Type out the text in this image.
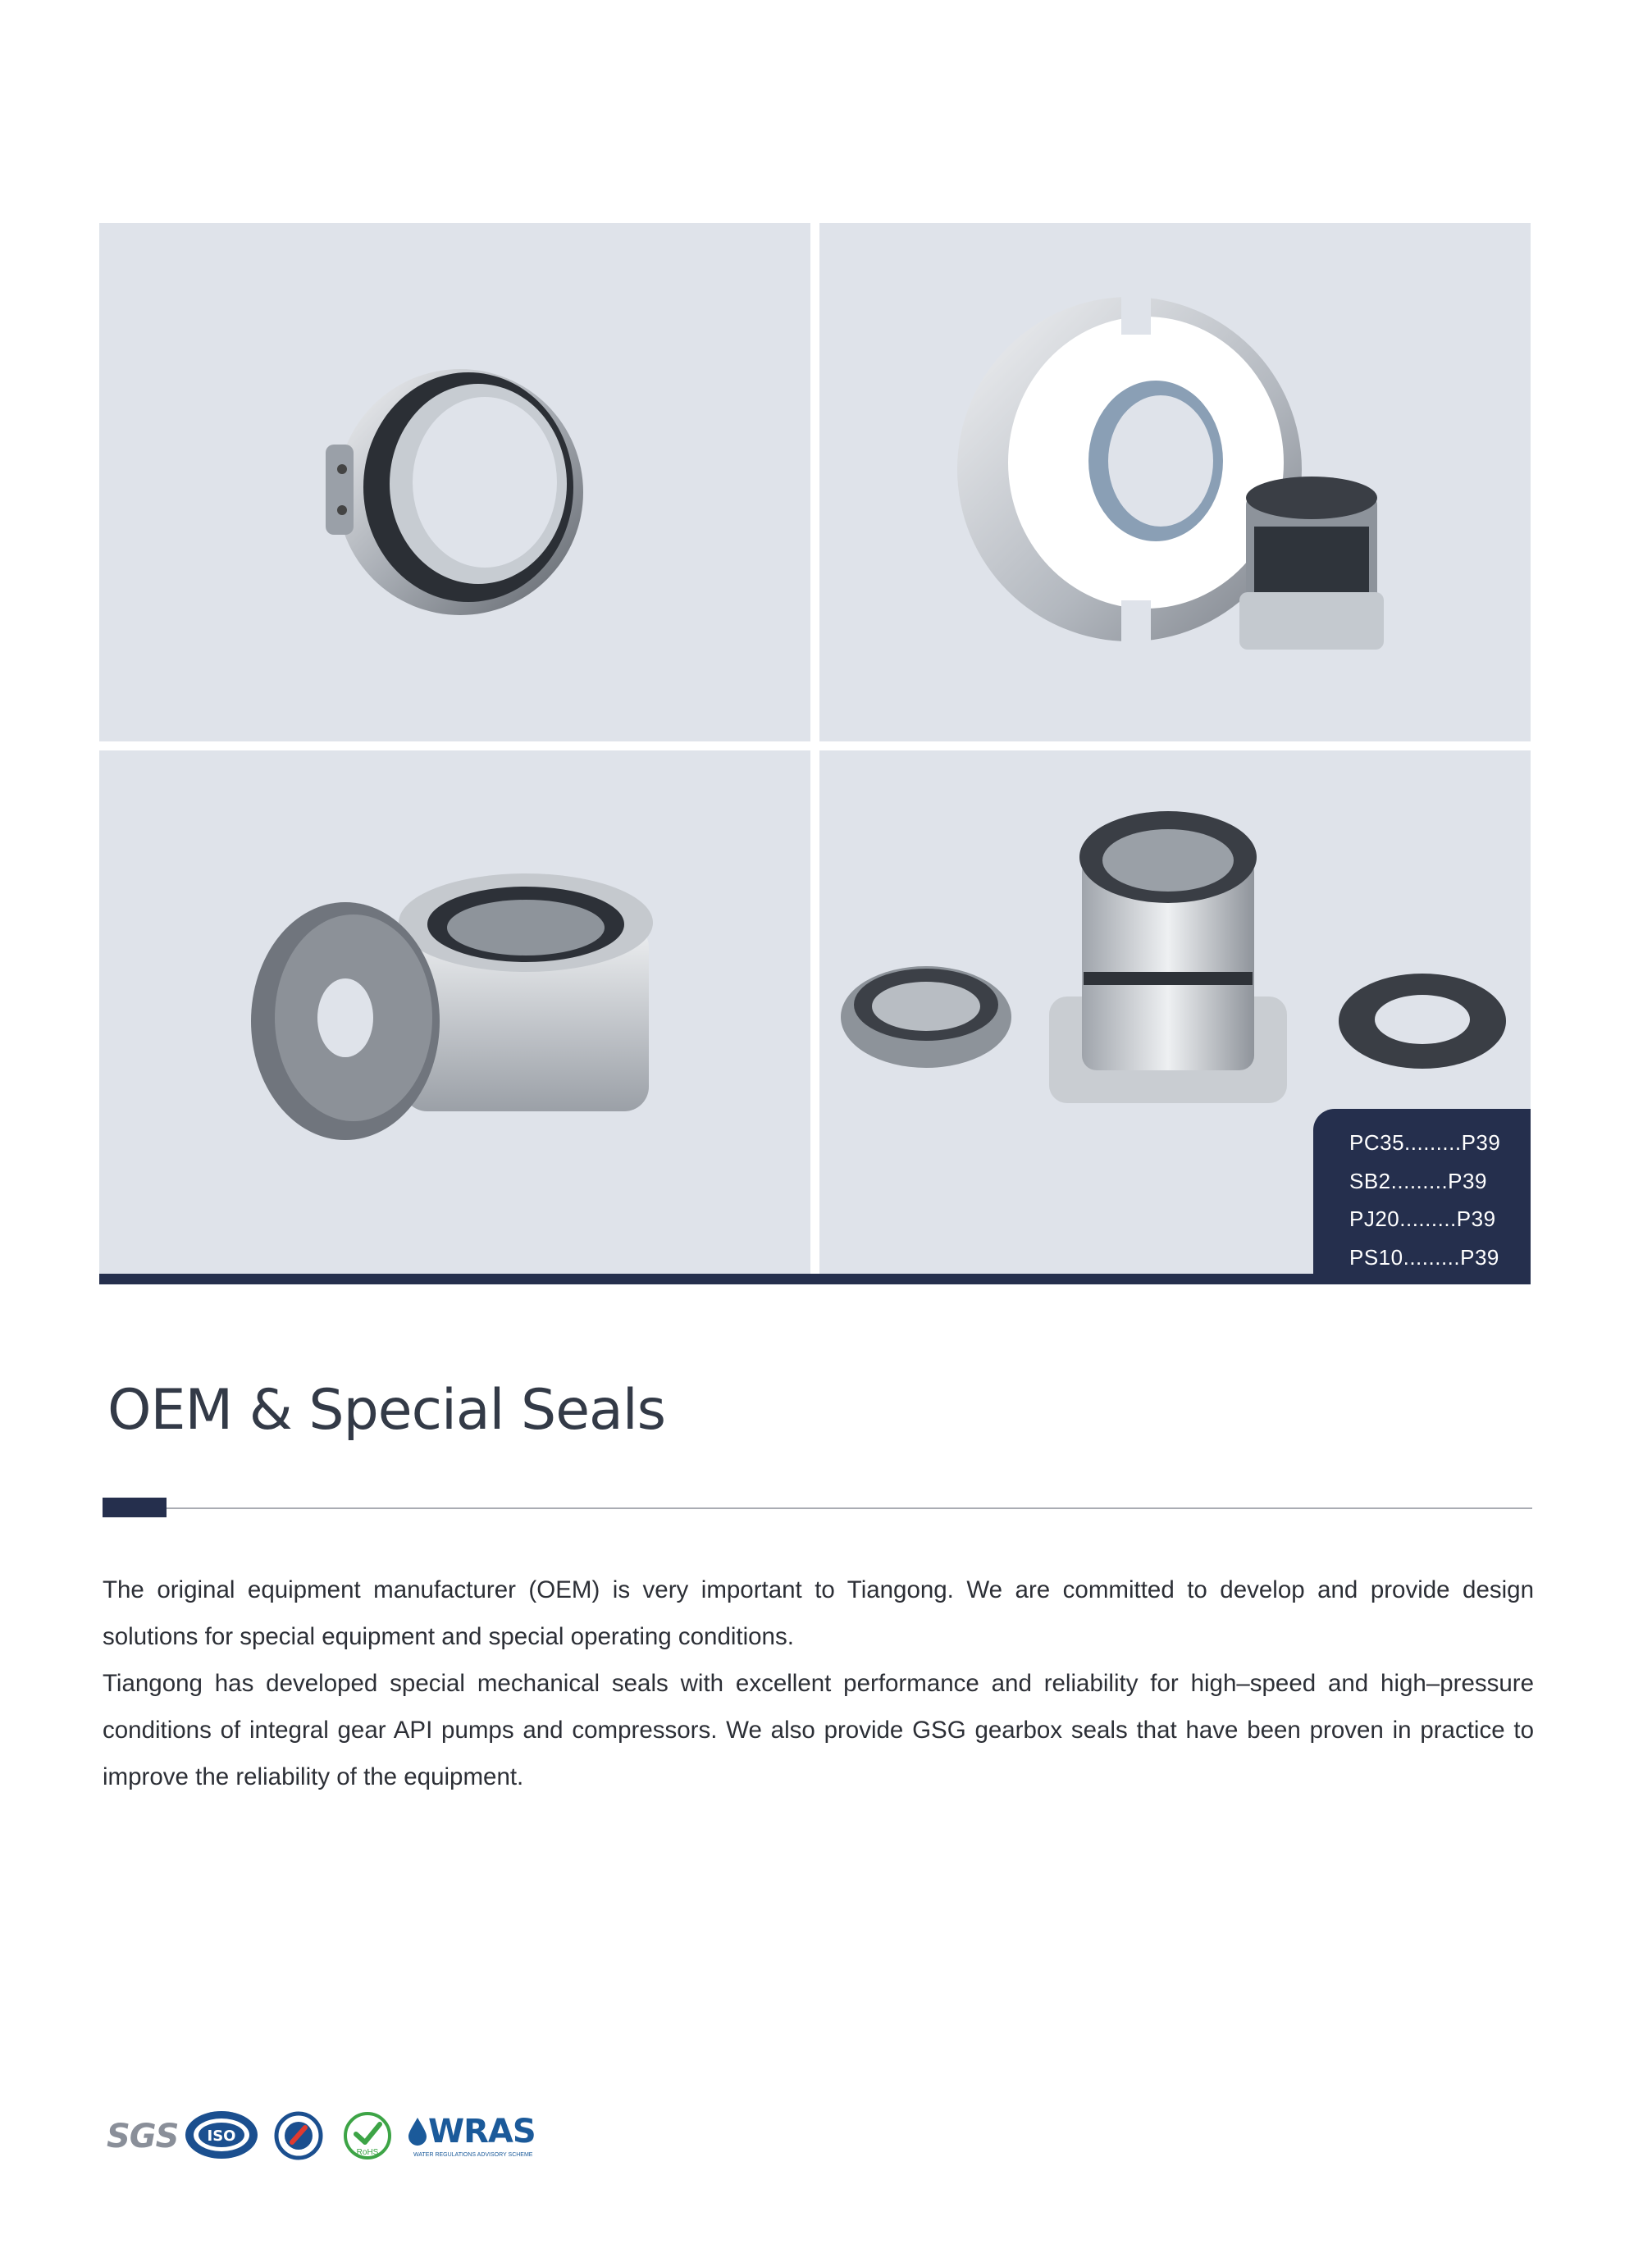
PC35.........P39
SB2.........P39
PJ20.........P39
PS10.........P39
OEM & Special Seals

The original equipment manufacturer (OEM) is very important to Tiangong. We are committed to develop and provide design solutions for special equipment and special operating conditions.

Tiangong has developed special mechanical seals with excellent performance and reliability for high–speed and high–pressure conditions of integral gear API pumps and compressors. We also provide GSG gearbox seals that have been proven in practice to improve the reliability of the equipment.

SGS ISO
RoHS
WRAS
WATER REGULATIONS ADVISORY SCHEME
